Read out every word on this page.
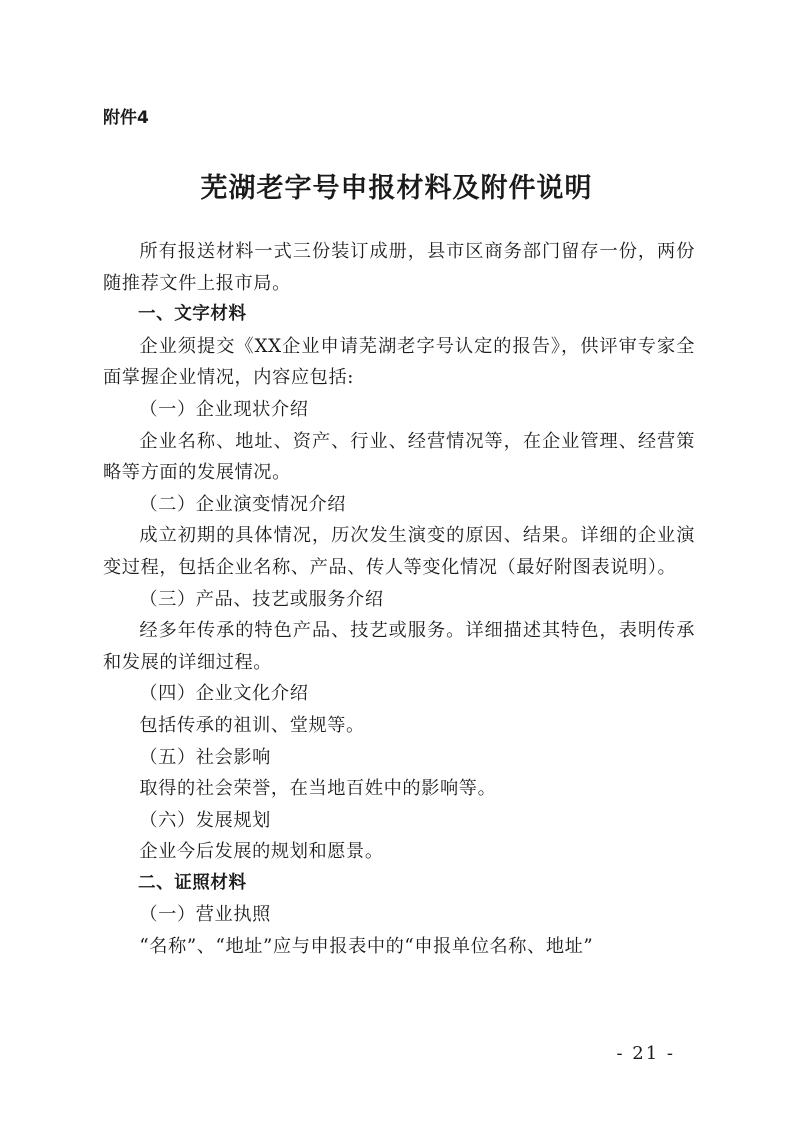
附件4
芜湖老字号申报材料及附件说明

所有报送材料一式三份装订成册，县市区商务部门留存一份，两份随推荐文件上报市局。

一、文字材料

企业须提交《XX企业申请芜湖老字号认定的报告》，供评审专家全面掌握企业情况，内容应包括:

（一）企业现状介绍

企业名称、地址、资产、行业、经营情况等，在企业管理、经营策略等方面的发展情况。

（二）企业演变情况介绍

成立初期的具体情况，历次发生演变的原因、结果。详细的企业演变过程，包括企业名称、产品、传人等变化情况（最好附图表说明）。

（三）产品、技艺或服务介绍

经多年传承的特色产品、技艺或服务。详细描述其特色，表明传承和发展的详细过程。

（四）企业文化介绍

包括传承的祖训、堂规等。

（五）社会影响

取得的社会荣誉，在当地百姓中的影响等。

（六）发展规划

企业今后发展的规划和愿景。

二、证照材料

（一）营业执照

“名称”、“地址”应与申报表中的“申报单位名称、地址”

- 21 -
